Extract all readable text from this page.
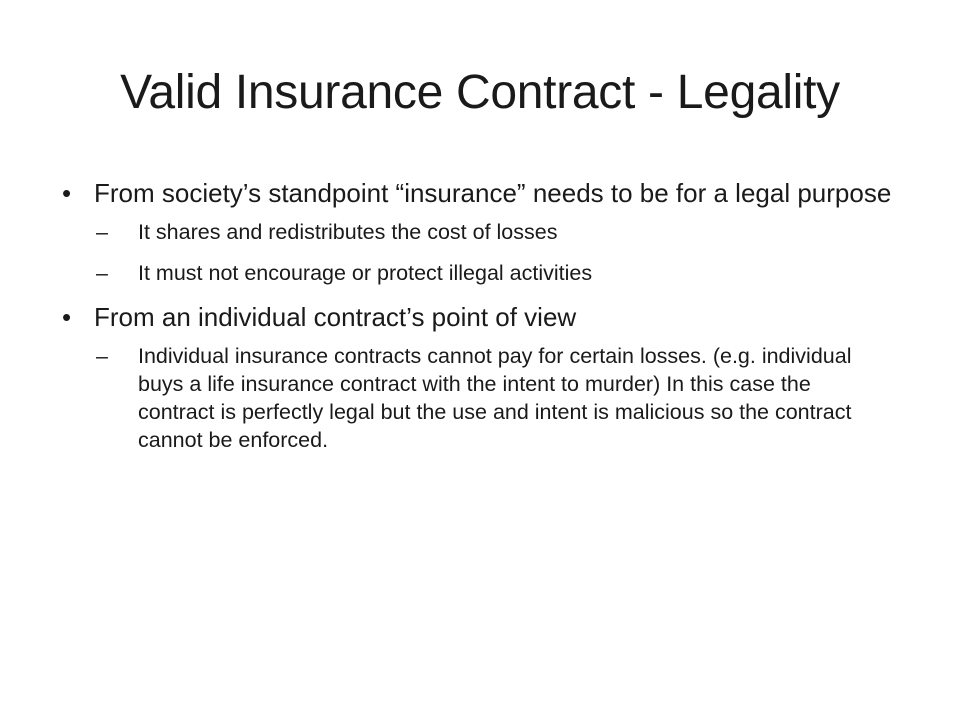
Valid Insurance Contract - Legality
• From society’s standpoint “insurance” needs to be for a legal purpose
– It shares and redistributes the cost of losses
– It must not encourage or protect illegal activities
• From an individual contract’s point of view
– Individual insurance contracts cannot pay for certain losses. (e.g. individual buys a life insurance contract with the intent to murder) In this case the contract is perfectly legal but the use and intent is malicious so the contract cannot be enforced.
